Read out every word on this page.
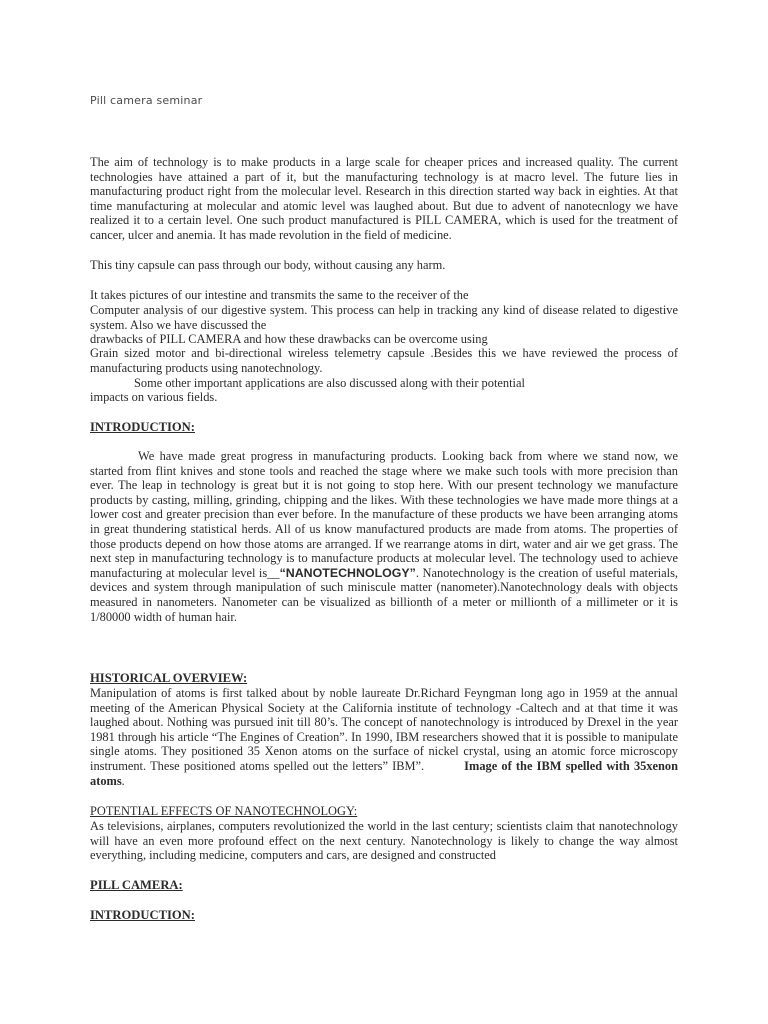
Pill camera seminar

The aim of technology is to make products in a large scale for cheaper prices and increased quality. The current technologies have attained a part of it, but the manufacturing technology is at macro level. The future lies in manufacturing product right from the molecular level. Research in this direction started way back in eighties. At that time manufacturing at molecular and atomic level was laughed about. But due to advent of nanotecnlogy we have realized it to a certain level. One such product manufactured is PILL CAMERA, which is used for the treatment of cancer, ulcer and anemia. It has made revolution in the field of medicine.

This tiny capsule can pass through our body, without causing any harm.

It takes pictures of our intestine and transmits the same to the receiver of the

Computer analysis of our digestive system. This process can help in tracking any kind of disease related to digestive system. Also we have discussed the

drawbacks of PILL CAMERA and how these drawbacks can be overcome using

Grain sized motor and bi-directional wireless telemetry capsule .Besides this we have reviewed the process of manufacturing products using nanotechnology.

Some other important applications are also discussed along with their potential

impacts on various fields.

INTRODUCTION:

We have made great progress in manufacturing products. Looking back from where we stand now, we started from flint knives and stone tools and reached the stage where we make such tools with more precision than ever. The leap in technology is great but it is not going to stop here. With our present technology we manufacture products by casting, milling, grinding, chipping and the likes. With these technologies we have made more things at a lower cost and greater precision than ever before. In the manufacture of these products we have been arranging atoms in great thundering statistical herds. All of us know manufactured products are made from atoms. The properties of those products depend on how those atoms are arranged. If we rearrange atoms in dirt, water and air we get grass. The next step in manufacturing technology is to manufacture products at molecular level. The technology used to achieve manufacturing at molecular level is__“NANOTECHNOLOGY”. Nanotechnology is the creation of useful materials, devices and system through manipulation of such miniscule matter (nanometer).Nanotechnology deals with objects measured in nanometers. Nanometer can be visualized as billionth of a meter or millionth of a millimeter or it is 1/80000 width of human hair.

HISTORICAL OVERVIEW:

Manipulation of atoms is first talked about by noble laureate Dr.Richard Feyngman long ago in 1959 at the annual meeting of the American Physical Society at the California institute of technology -Caltech and at that time it was laughed about. Nothing was pursued init till 80’s. The concept of nanotechnology is introduced by Drexel in the year 1981 through his article “The Engines of Creation”. In 1990, IBM researchers showed that it is possible to manipulate single atoms. They positioned 35 Xenon atoms on the surface of nickel crystal, using an atomic force microscopy instrument. These positioned atoms spelled out the letters” IBM”.	Image of the IBM spelled with 35xenon atoms.

POTENTIAL EFFECTS OF NANOTECHNOLOGY:

As televisions, airplanes, computers revolutionized the world in the last century; scientists claim that nanotechnology will have an even more profound effect on the next century. Nanotechnology is likely to change the way almost everything, including medicine, computers and cars, are designed and constructed

PILL CAMERA:
INTRODUCTION:
